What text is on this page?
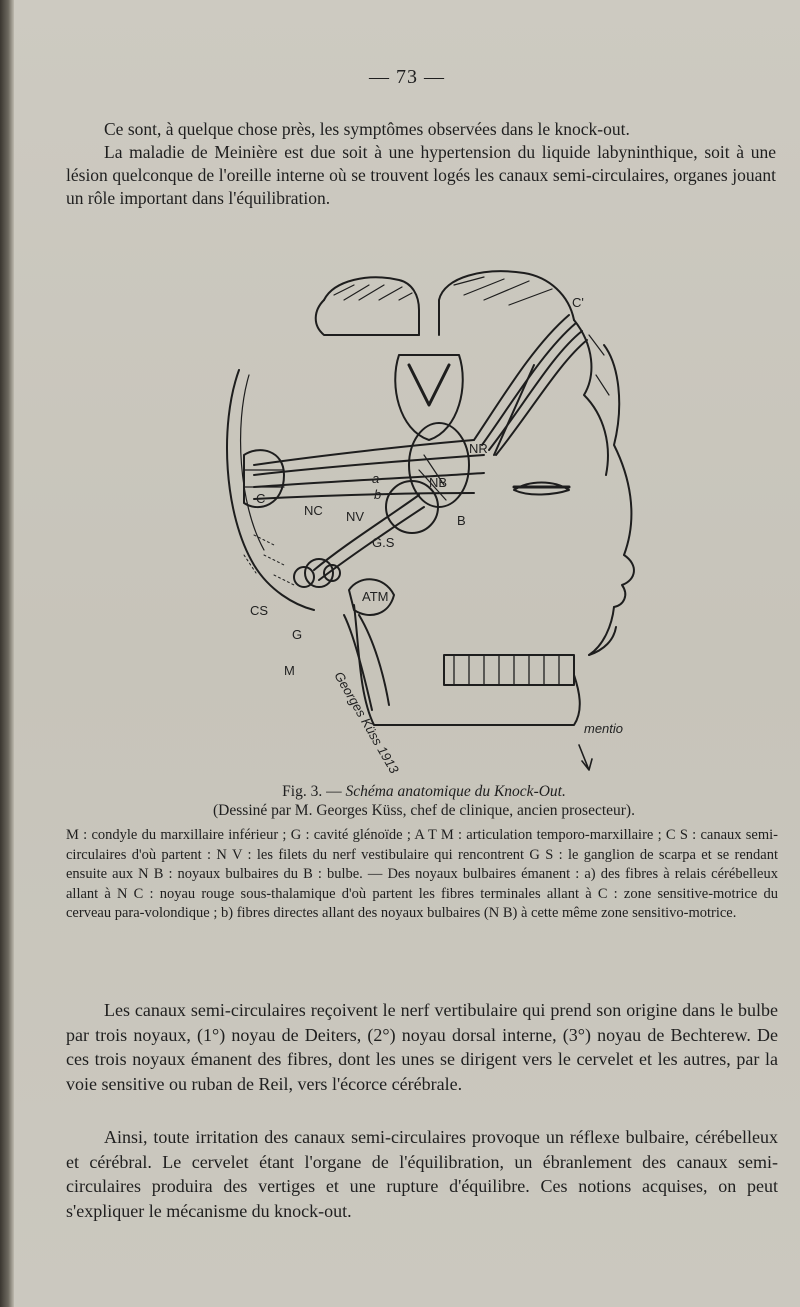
— 73 —
Ce sont, à quelque chose près, les symptômes observées dans le knock-out.
La maladie de Meinière est due soit à une hypertension du liquide labyninthique, soit à une lésion quelconque de l'oreille interne où se trouvent logés les canaux semi-circulaires, organes jouant un rôle important dans l'équilibration.
C'
NR
NB
B
C
NC
a
b
NV
G.S
ATM
CS
G
M	Georges Küss 1913	mentio
Fig. 3. — Schéma anatomique du Knock-Out.
(Dessiné par M. Georges Küss, chef de clinique, ancien prosecteur).
M : condyle du marxillaire inférieur ; G : cavité glénoïde ; A T M : articulation temporo-marxillaire ; C S : canaux semi-circulaires d'où partent : N V : les filets du nerf vestibulaire qui rencontrent G S : le ganglion de scarpa et se rendant ensuite aux N B : noyaux bulbaires du B : bulbe. — Des noyaux bulbaires émanent : a) des fibres à relais cérébelleux allant à N C : noyau rouge sous-thalamique d'où partent les fibres terminales allant à C : zone sensitive-motrice du cerveau para-volondique ; b) fibres directes allant des noyaux bulbaires (N B) à cette même zone sensitivo-motrice.
Les canaux semi-circulaires reçoivent le nerf vertibulaire qui prend son origine dans le bulbe par trois noyaux, (1°) noyau de Deiters, (2°) noyau dorsal interne, (3°) noyau de Bechterew. De ces trois noyaux émanent des fibres, dont les unes se dirigent vers le cervelet et les autres, par la voie sensitive ou ruban de Reil, vers l'écorce cérébrale.
Ainsi, toute irritation des canaux semi-circulaires provoque un réflexe bulbaire, cérébelleux et cérébral. Le cervelet étant l'organe de l'équilibration, un ébranlement des canaux semi-circulaires produira des vertiges et une rupture d'équilibre. Ces notions acquises, on peut s'expliquer le mécanisme du knock-out.
